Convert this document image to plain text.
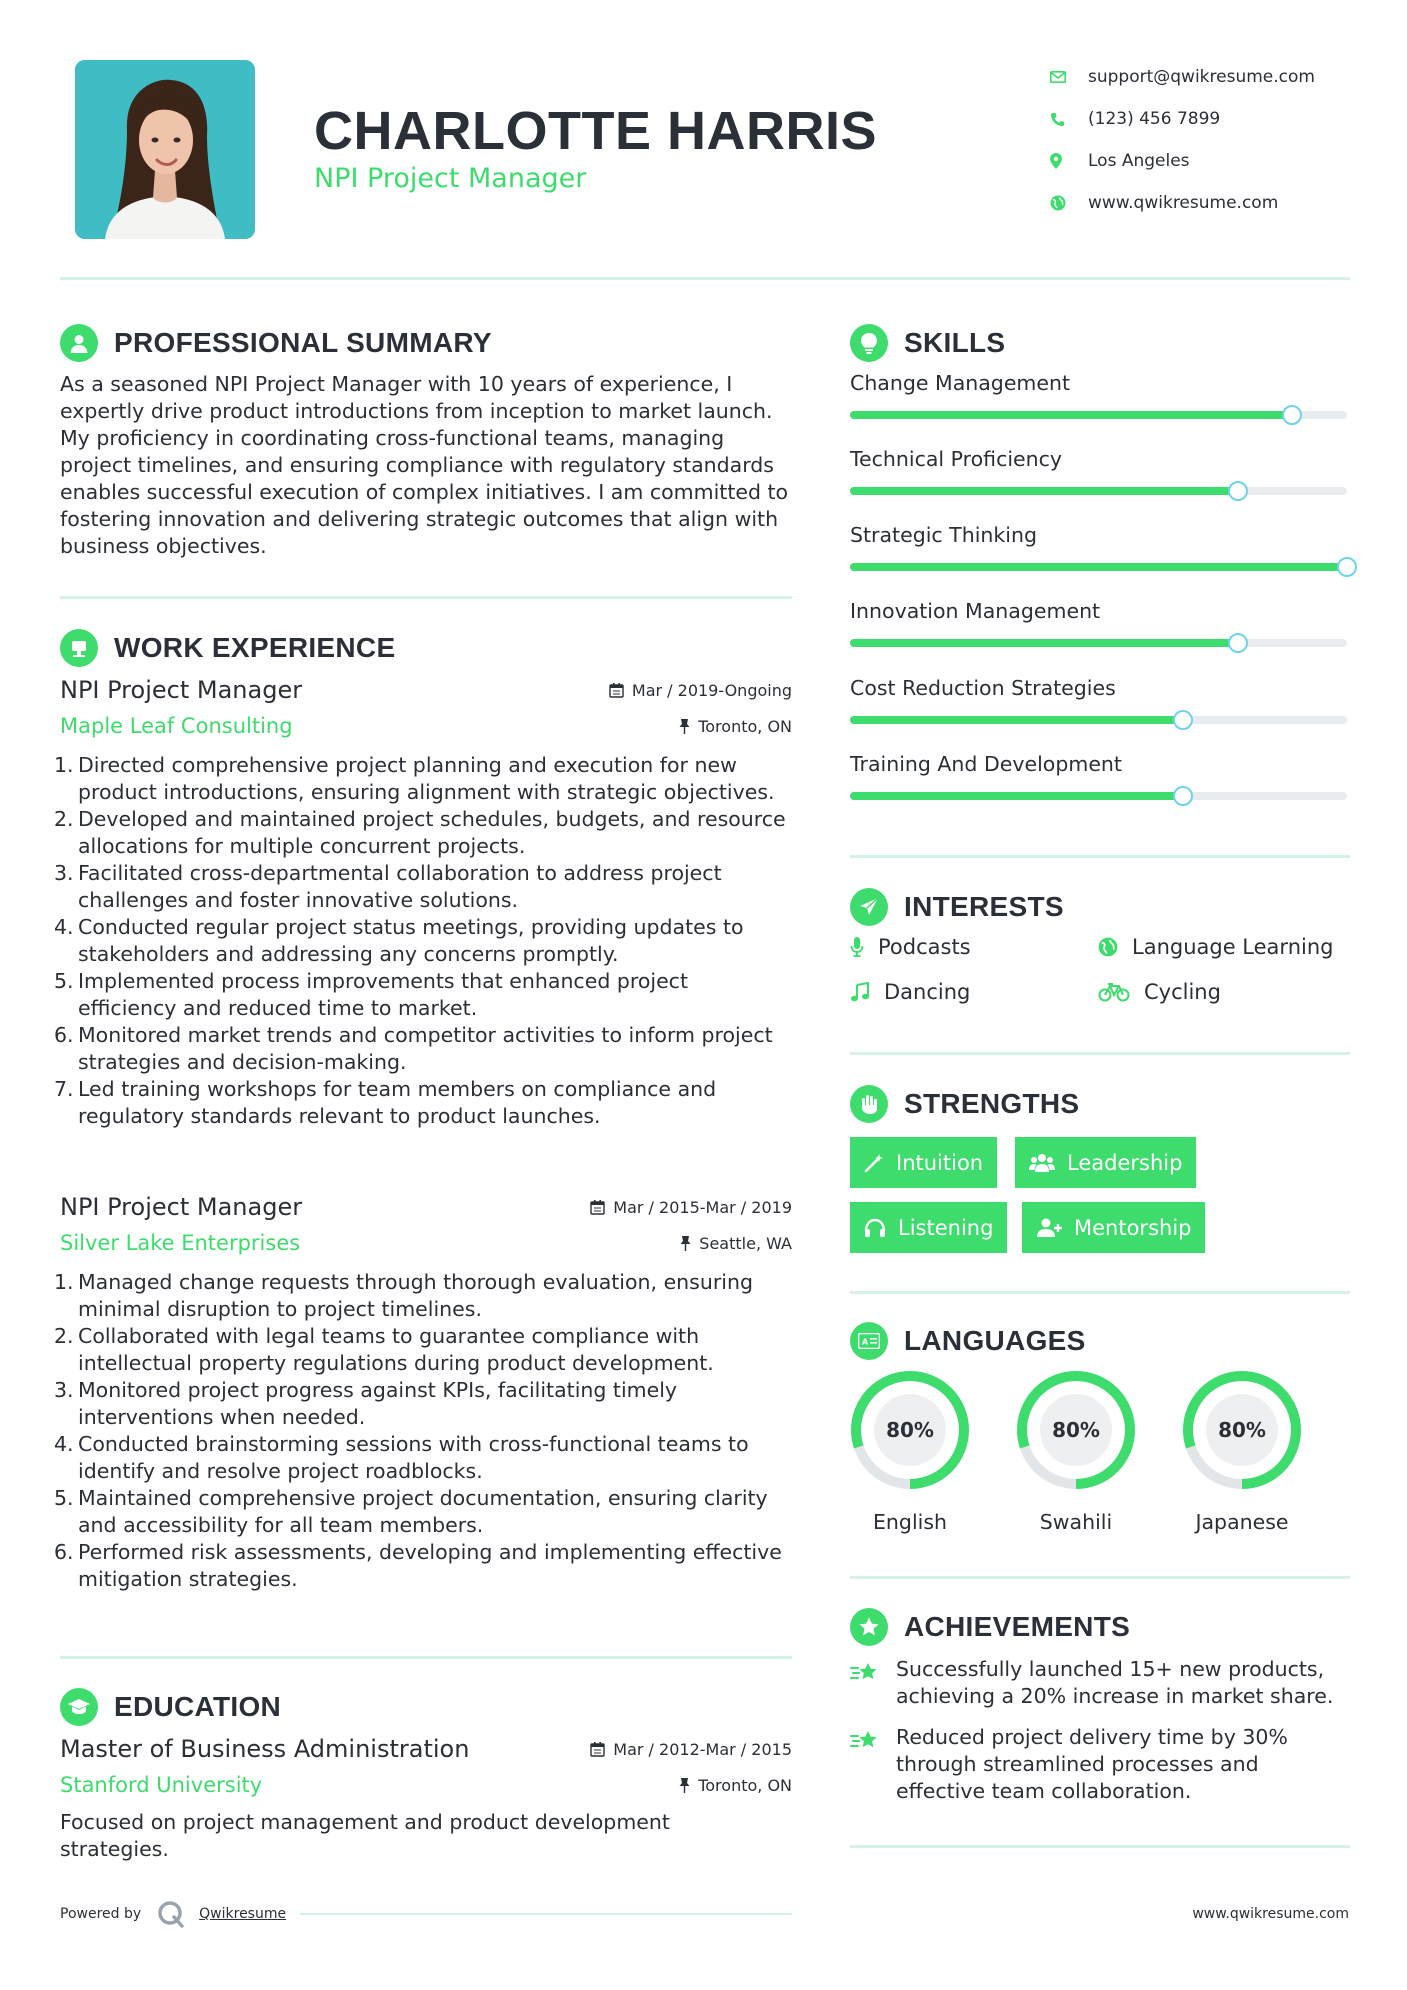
CHARLOTTE HARRIS
NPI Project Manager
support@qwikresume.com
(123) 456 7899
Los Angeles
www.qwikresume.com
PROFESSIONAL SUMMARY
As a seasoned NPI Project Manager with 10 years of experience, I expertly drive product introductions from inception to market launch. My proficiency in coordinating cross-functional teams, managing project timelines, and ensuring compliance with regulatory standards enables successful execution of complex initiatives. I am committed to fostering innovation and delivering strategic outcomes that align with business objectives.
WORK EXPERIENCE
NPI Project Manager	Mar / 2019-Ongoing
Maple Leaf Consulting	Toronto, ON
1. Directed comprehensive project planning and execution for new product introductions, ensuring alignment with strategic objectives.
2. Developed and maintained project schedules, budgets, and resource allocations for multiple concurrent projects.
3. Facilitated cross-departmental collaboration to address project challenges and foster innovative solutions.
4. Conducted regular project status meetings, providing updates to stakeholders and addressing any concerns promptly.
5. Implemented process improvements that enhanced project efficiency and reduced time to market.
6. Monitored market trends and competitor activities to inform project strategies and decision-making.
7. Led training workshops for team members on compliance and regulatory standards relevant to product launches.
NPI Project Manager	Mar / 2015-Mar / 2019
Silver Lake Enterprises	Seattle, WA
1. Managed change requests through thorough evaluation, ensuring minimal disruption to project timelines.
2. Collaborated with legal teams to guarantee compliance with intellectual property regulations during product development.
3. Monitored project progress against KPIs, facilitating timely interventions when needed.
4. Conducted brainstorming sessions with cross-functional teams to identify and resolve project roadblocks.
5. Maintained comprehensive project documentation, ensuring clarity and accessibility for all team members.
6. Performed risk assessments, developing and implementing effective mitigation strategies.
EDUCATION
Master of Business Administration	Mar / 2012-Mar / 2015
Stanford University	Toronto, ON
Focused on project management and product development strategies.
SKILLS
Change Management
Technical Proficiency
Strategic Thinking
Innovation Management
Cost Reduction Strategies
Training And Development
INTERESTS
Podcasts	Language Learning
Dancing	Cycling
STRENGTHS
Intuition	Leadership
Listening	Mentorship
A LANGUAGES
80%
English
80%
Swahili
80%
Japanese
ACHIEVEMENTS
Successfully launched 15+ new products, achieving a 20% increase in market share.
Reduced project delivery time by 30% through streamlined processes and effective team collaboration.
Powered by	Qwikresume	www.qwikresume.com
